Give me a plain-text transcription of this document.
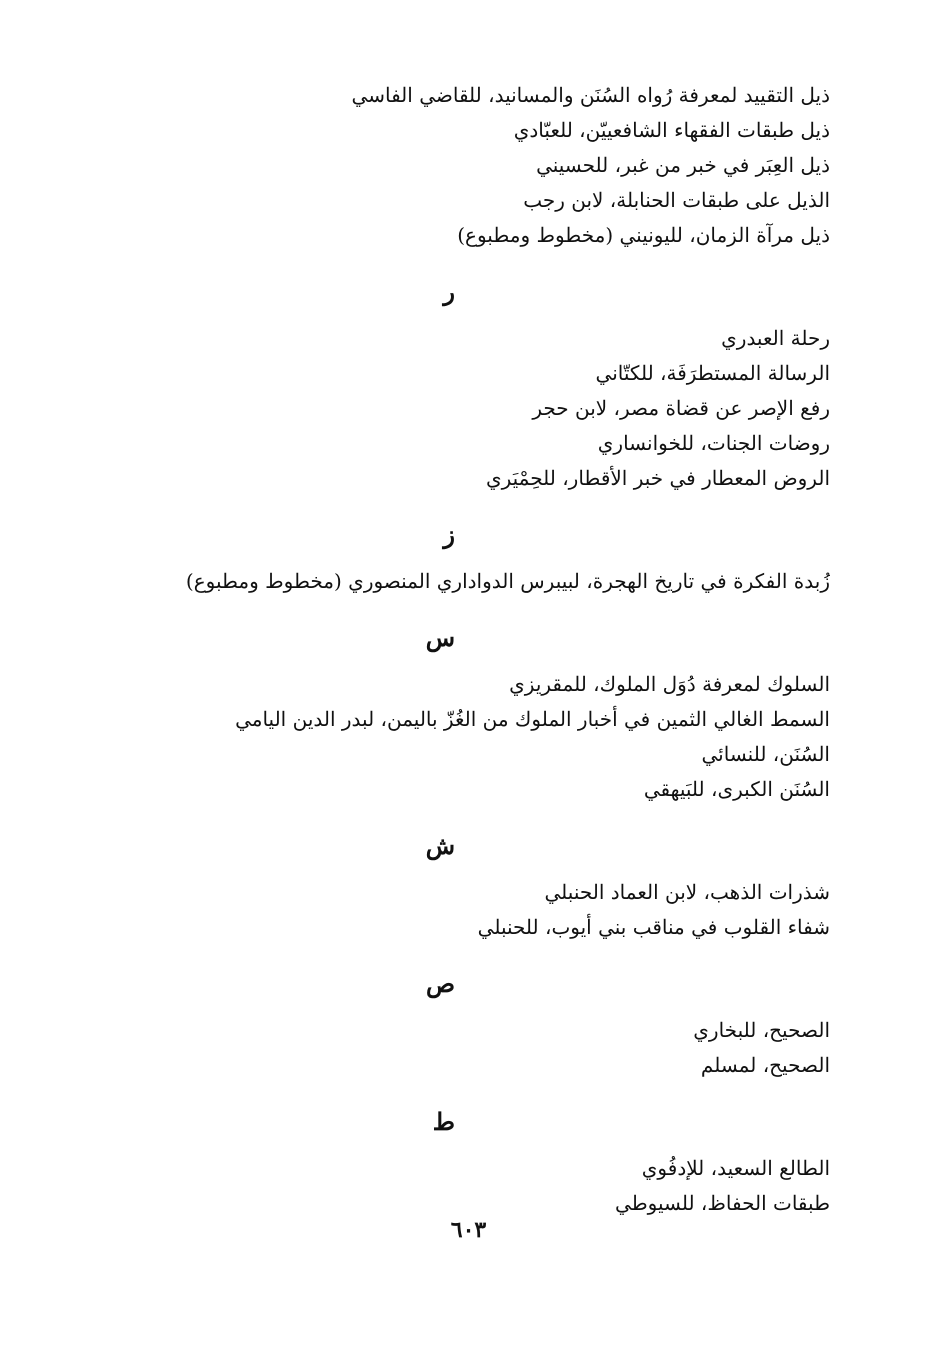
ذيل التقييد لمعرفة رُواه السُنَن والمسانيد، للقاضي الفاسي
ذيل طبقات الفقهاء الشافعييّن، للعبّادي
ذيل العِبَر في خبر من غبر، للحسيني
الذيل على طبقات الحنابلة، لابن رجب
ذيل مرآة الزمان، لليونيني (مخطوط ومطبوع)
ر
رحلة العبدري
الرسالة المستطرَفَة، للكتّاني
رفع الإصر عن قضاة مصر، لابن حجر
روضات الجنات، للخوانساري
الروض المعطار في خبر الأقطار، للحِمْيَري
ز
زُبدة الفكرة في تاريخ الهجرة، لبيبرس الدواداري المنصوري (مخطوط ومطبوع)
س
السلوك لمعرفة دُوَل الملوك، للمقريزي
السمط الغالي الثمين في أخبار الملوك من الغُزّ باليمن، لبدر الدين اليامي
السُنَن، للنسائي
السُنَن الكبرى، للبَيهقي
ش
شذرات الذهب، لابن العماد الحنبلي
شفاء القلوب في مناقب بني أيوب، للحنبلي
ص
الصحيح، للبخاري
الصحيح، لمسلم
ط
الطالع السعيد، للإدفُوي
طبقات الحفاظ، للسيوطي
٦٠٣
